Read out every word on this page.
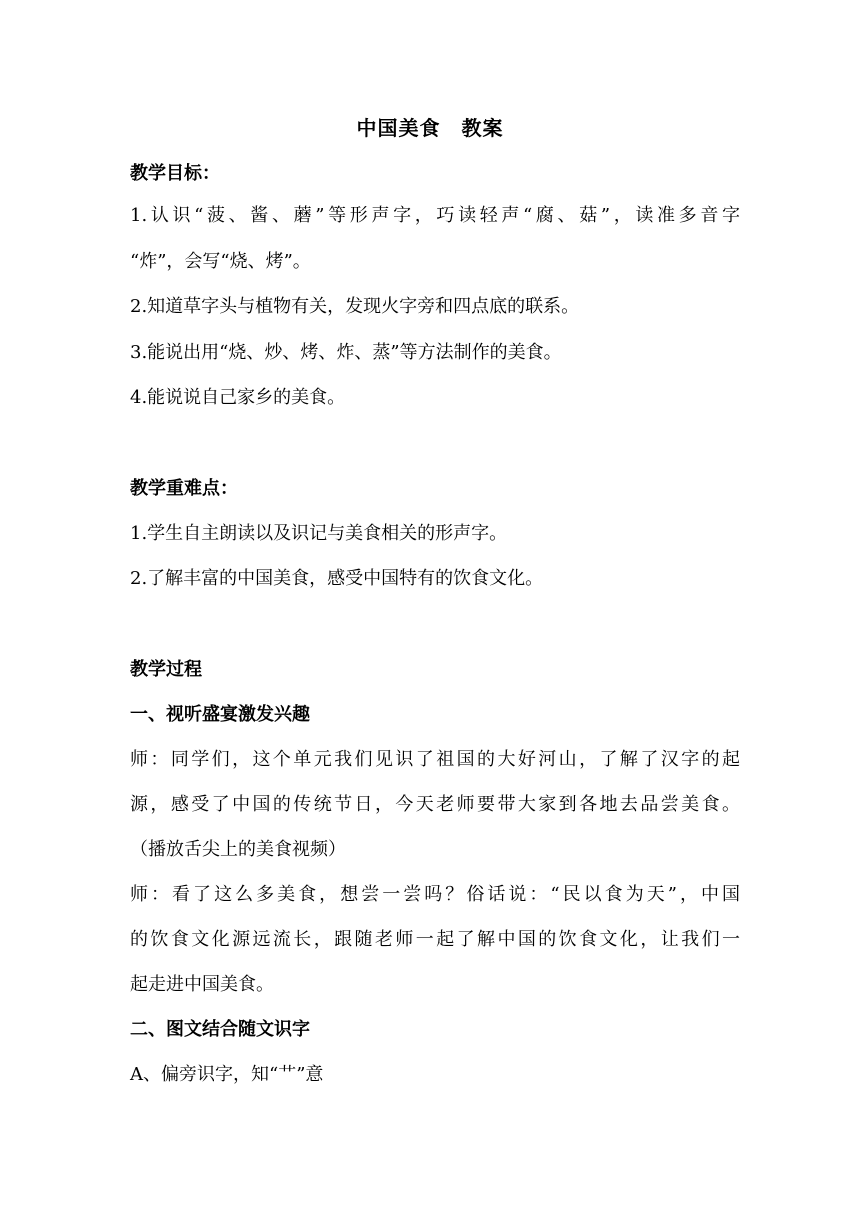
中国美食　教案
教学目标：
1.认识“菠、酱、蘑”等形声字，巧读轻声“腐、菇”，读准多音字
“炸”，会写“烧、烤”。
2.知道草字头与植物有关，发现火字旁和四点底的联系。
3.能说出用“烧、炒、烤、炸、蒸”等方法制作的美食。
4.能说说自己家乡的美食。
教学重难点：
1.学生自主朗读以及识记与美食相关的形声字。
2.了解丰富的中国美食，感受中国特有的饮食文化。
教学过程
一、视听盛宴激发兴趣
师：同学们，这个单元我们见识了祖国的大好河山，了解了汉字的起
源，感受了中国的传统节日，今天老师要带大家到各地去品尝美食。
（播放舌尖上的美食视频）
师：看了这么多美食，想尝一尝吗？俗话说：“民以食为天”，中国
的饮食文化源远流长，跟随老师一起了解中国的饮食文化，让我们一
起走进中国美食。
二、图文结合随文识字
A、偏旁识字，知“艹”意
